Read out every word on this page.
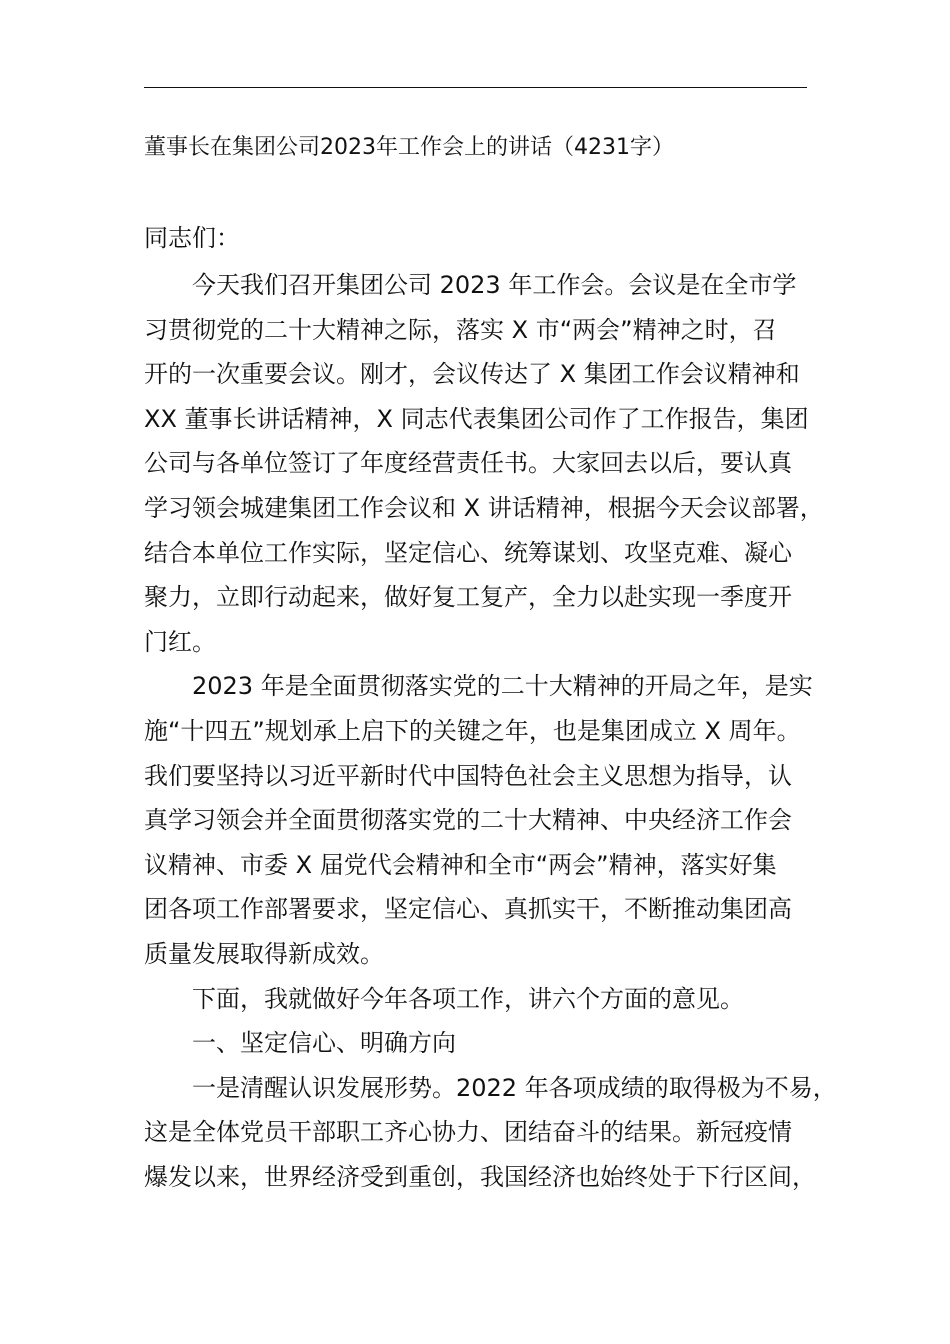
董事长在集团公司2023年工作会上的讲话（4231字）
同志们：

今天我们召开集团公司 2023 年工作会。会议是在全市学
习贯彻党的二十大精神之际，落实 X 市“两会”精神之时，召
开的一次重要会议。刚才，会议传达了 X 集团工作会议精神和
XX 董事长讲话精神，X 同志代表集团公司作了工作报告，集团
公司与各单位签订了年度经营责任书。大家回去以后，要认真
学习领会城建集团工作会议和 X 讲话精神，根据今天会议部署，
结合本单位工作实际，坚定信心、统筹谋划、攻坚克难、凝心
聚力，立即行动起来，做好复工复产，全力以赴实现一季度开
门红。

2023 年是全面贯彻落实党的二十大精神的开局之年，是实
施“十四五”规划承上启下的关键之年，也是集团成立 X 周年。
我们要坚持以习近平新时代中国特色社会主义思想为指导，认
真学习领会并全面贯彻落实党的二十大精神、中央经济工作会
议精神、市委 X 届党代会精神和全市“两会”精神，落实好集
团各项工作部署要求，坚定信心、真抓实干，不断推动集团高
质量发展取得新成效。

下面，我就做好今年各项工作，讲六个方面的意见。

一、坚定信心、明确方向

一是清醒认识发展形势。2022 年各项成绩的取得极为不易，
这是全体党员干部职工齐心协力、团结奋斗的结果。新冠疫情
爆发以来，世界经济受到重创，我国经济也始终处于下行区间，
